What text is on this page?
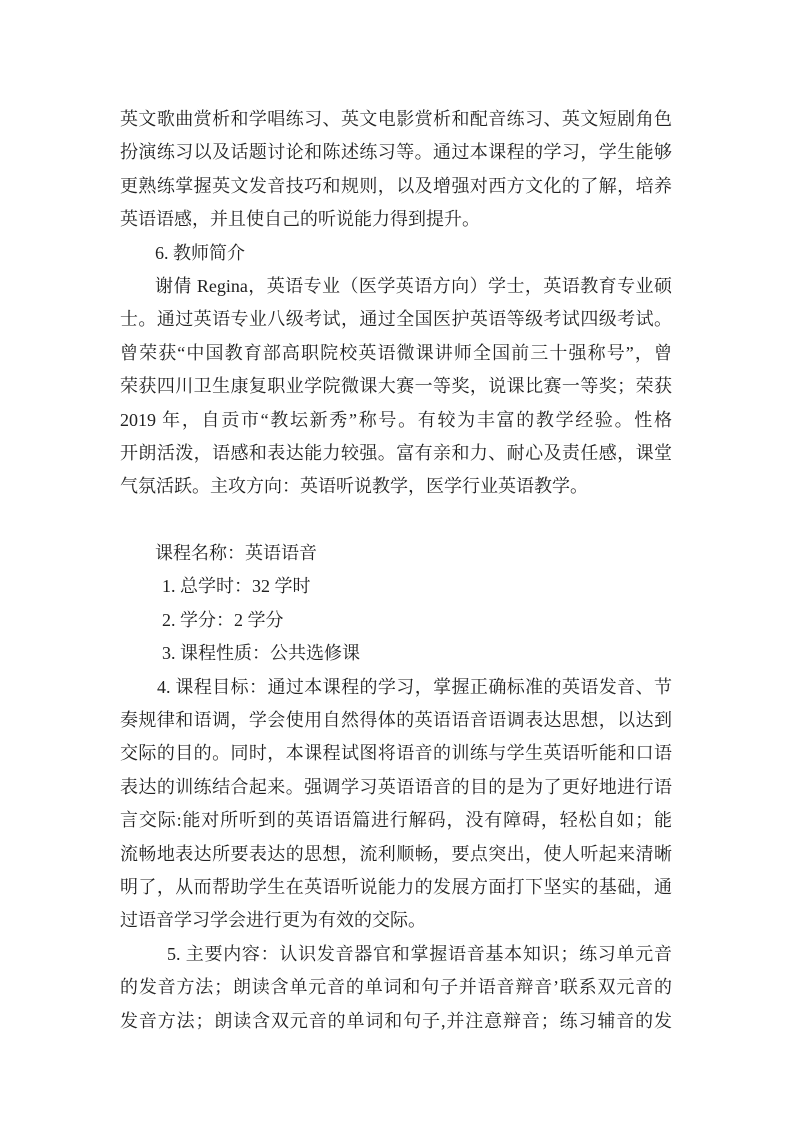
英文歌曲赏析和学唱练习、英文电影赏析和配音练习、英文短剧角色
扮演练习以及话题讨论和陈述练习等。通过本课程的学习，学生能够
更熟练掌握英文发音技巧和规则，以及增强对西方文化的了解，培养
英语语感，并且使自己的听说能力得到提升。
6. 教师简介
谢倩 Regina，英语专业（医学英语方向）学士，英语教育专业硕
士。通过英语专业八级考试，通过全国医护英语等级考试四级考试。
曾荣获“中国教育部高职院校英语微课讲师全国前三十强称号”，曾
荣获四川卫生康复职业学院微课大赛一等奖，说课比赛一等奖；荣获
2019 年，自贡市“教坛新秀”称号。有较为丰富的教学经验。性格
开朗活泼，语感和表达能力较强。富有亲和力、耐心及责任感，课堂
气氛活跃。主攻方向：英语听说教学，医学行业英语教学。
课程名称：英语语音
1. 总学时：32 学时
2. 学分：2 学分
3. 课程性质：公共选修课
4. 课程目标：通过本课程的学习，掌握正确标准的英语发音、节
奏规律和语调，学会使用自然得体的英语语音语调表达思想，以达到
交际的目的。同时，本课程试图将语音的训练与学生英语听能和口语
表达的训练结合起来。强调学习英语语音的目的是为了更好地进行语
言交际:能对所听到的英语语篇进行解码，没有障碍，轻松自如；能
流畅地表达所要表达的思想，流利顺畅，要点突出，使人听起来清晰
明了，从而帮助学生在英语听说能力的发展方面打下坚实的基础，通
过语音学习学会进行更为有效的交际。
5. 主要内容：认识发音器官和掌握语音基本知识；练习单元音
的发音方法；朗读含单元音的单词和句子并语音辩音’联系双元音的
发音方法；朗读含双元音的单词和句子,并注意辩音；练习辅音的发
